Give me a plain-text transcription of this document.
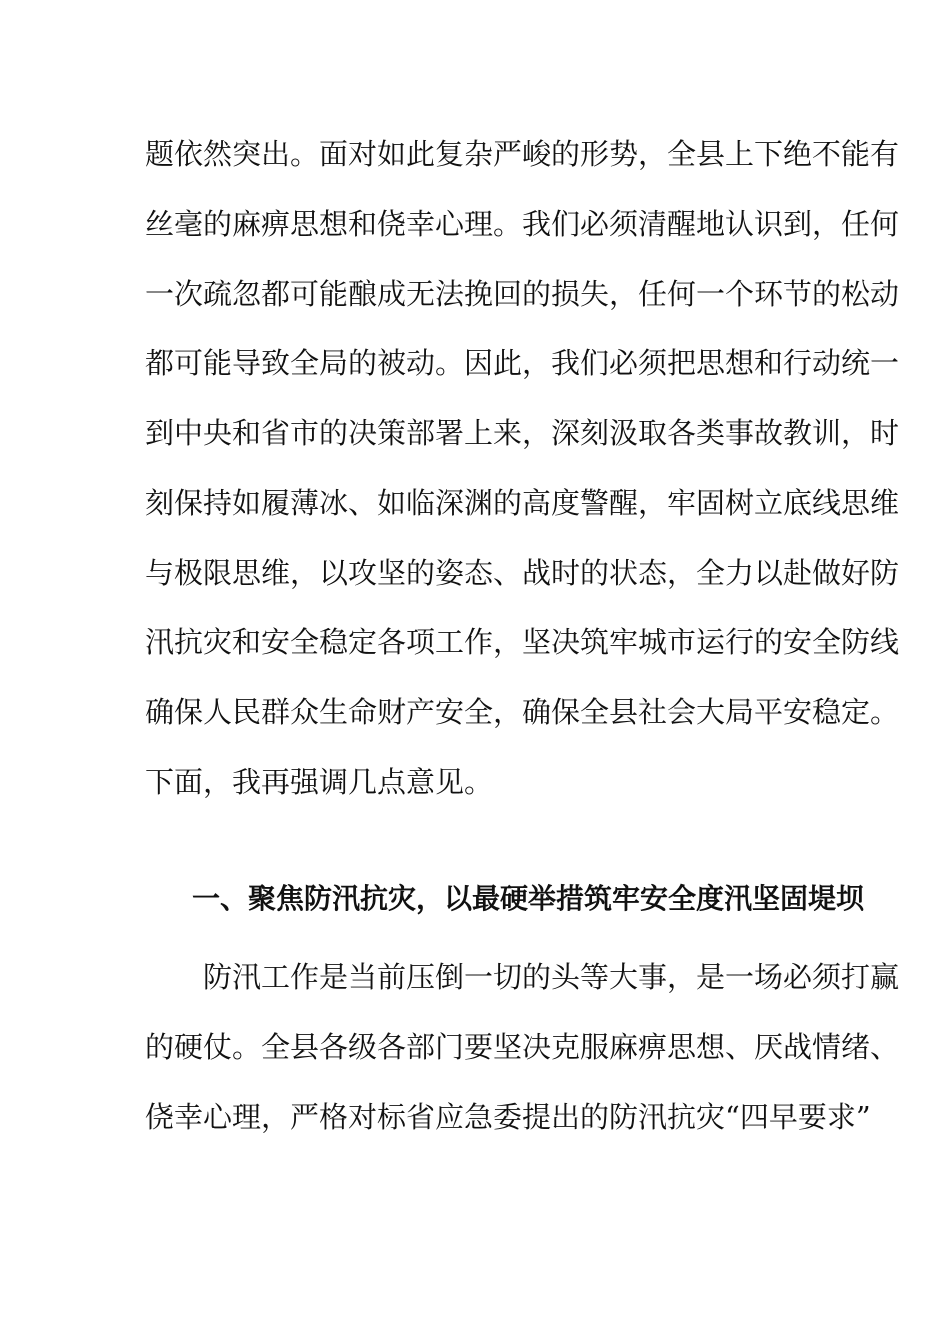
题依然突出。面对如此复杂严峻的形势，全县上下绝不能有
丝毫的麻痹思想和侥幸心理。我们必须清醒地认识到，任何
一次疏忽都可能酿成无法挽回的损失，任何一个环节的松动
都可能导致全局的被动。因此，我们必须把思想和行动统一
到中央和省市的决策部署上来，深刻汲取各类事故教训，时
刻保持如履薄冰、如临深渊的高度警醒，牢固树立底线思维
与极限思维，以攻坚的姿态、战时的状态，全力以赴做好防
汛抗灾和安全稳定各项工作，坚决筑牢城市运行的安全防线
确保人民群众生命财产安全，确保全县社会大局平安稳定。
下面，我再强调几点意见。
一、聚焦防汛抗灾，以最硬举措筑牢安全度汛坚固堤坝
防汛工作是当前压倒一切的头等大事，是一场必须打赢
的硬仗。全县各级各部门要坚决克服麻痹思想、厌战情绪、
侥幸心理，严格对标省应急委提出的防汛抗灾“四早要求”
